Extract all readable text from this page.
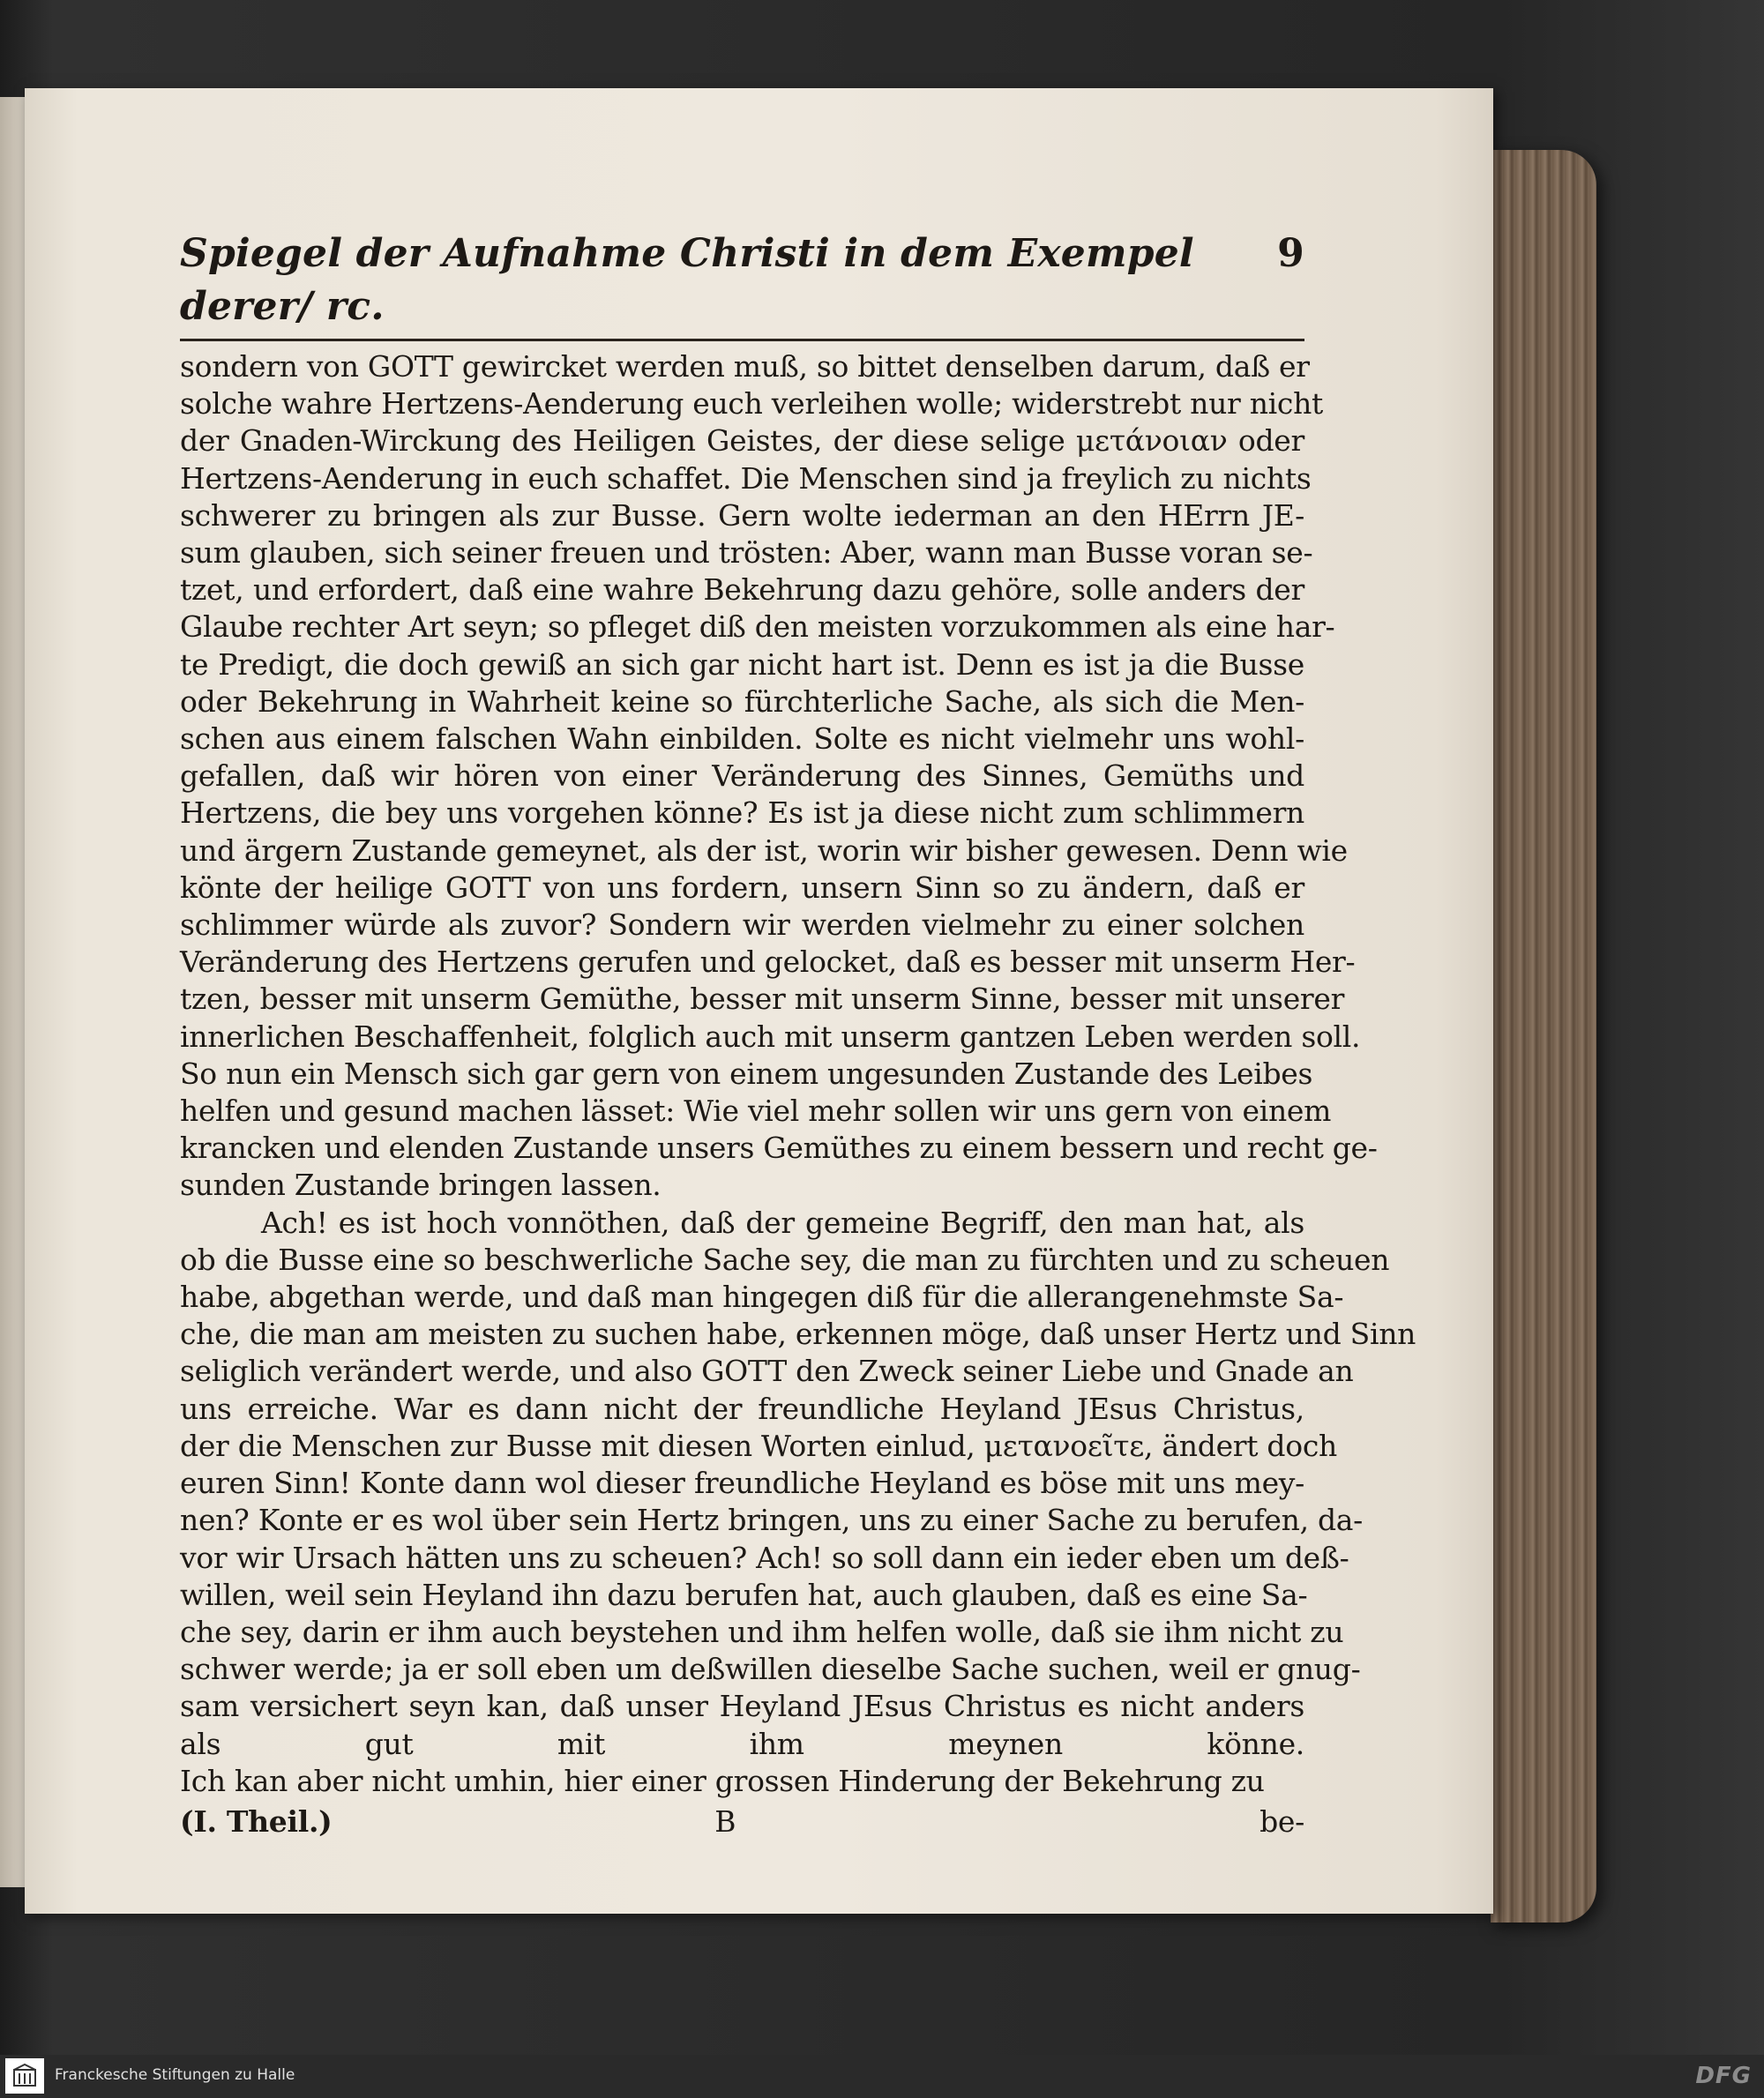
Spiegel der Aufnahme Christi in dem Exempel derer/ rc.
9
sondern von GOTT gewircket werden muß, so bittet denselben darum, daß er
solche wahre Hertzens-Aenderung euch verleihen wolle; widerstrebt nur nicht
der Gnaden-Wirckung des Heiligen Geistes, der diese selige μετάνοιαν oder
Hertzens-Aenderung in euch schaffet. Die Menschen sind ja freylich zu nichts
schwerer zu bringen als zur Busse. Gern wolte iederman an den HErrn JE-
sum glauben, sich seiner freuen und trösten: Aber, wann man Busse voran se-
tzet, und erfordert, daß eine wahre Bekehrung dazu gehöre, solle anders der
Glaube rechter Art seyn; so pfleget diß den meisten vorzukommen als eine har-
te Predigt, die doch gewiß an sich gar nicht hart ist. Denn es ist ja die Busse
oder Bekehrung in Wahrheit keine so fürchterliche Sache, als sich die Men-
schen aus einem falschen Wahn einbilden. Solte es nicht vielmehr uns wohl-
gefallen, daß wir hören von einer Veränderung des Sinnes, Gemüths und
Hertzens, die bey uns vorgehen könne? Es ist ja diese nicht zum schlimmern
und ärgern Zustande gemeynet, als der ist, worin wir bisher gewesen. Denn wie
könte der heilige GOTT von uns fordern, unsern Sinn so zu ändern, daß er
schlimmer würde als zuvor? Sondern wir werden vielmehr zu einer solchen
Veränderung des Hertzens gerufen und gelocket, daß es besser mit unserm Her-
tzen, besser mit unserm Gemüthe, besser mit unserm Sinne, besser mit unserer
innerlichen Beschaffenheit, folglich auch mit unserm gantzen Leben werden soll.
So nun ein Mensch sich gar gern von einem ungesunden Zustande des Leibes
helfen und gesund machen lässet: Wie viel mehr sollen wir uns gern von einem
krancken und elenden Zustande unsers Gemüthes zu einem bessern und recht ge-
sunden Zustande bringen lassen.
Ach! es ist hoch vonnöthen, daß der gemeine Begriff, den man hat, als
ob die Busse eine so beschwerliche Sache sey, die man zu fürchten und zu scheuen
habe, abgethan werde, und daß man hingegen diß für die allerangenehmste Sa-
che, die man am meisten zu suchen habe, erkennen möge, daß unser Hertz und Sinn
seliglich verändert werde, und also GOTT den Zweck seiner Liebe und Gnade an
uns erreiche. War es dann nicht der freundliche Heyland JEsus Christus,
der die Menschen zur Busse mit diesen Worten einlud, μετανοεῖτε, ändert doch
euren Sinn! Konte dann wol dieser freundliche Heyland es böse mit uns mey-
nen? Konte er es wol über sein Hertz bringen, uns zu einer Sache zu berufen, da-
vor wir Ursach hätten uns zu scheuen? Ach! so soll dann ein ieder eben um deß-
willen, weil sein Heyland ihn dazu berufen hat, auch glauben, daß es eine Sa-
che sey, darin er ihm auch beystehen und ihm helfen wolle, daß sie ihm nicht zu
schwer werde; ja er soll eben um deßwillen dieselbe Sache suchen, weil er gnug-
sam versichert seyn kan, daß unser Heyland JEsus Christus es nicht anders
als gut mit ihm meynen könne.
Ich kan aber nicht umhin, hier einer grossen Hinderung der Bekehrung zu
(I. Theil.)	B	be-
Franckesche Stiftungen zu Halle	DFG
